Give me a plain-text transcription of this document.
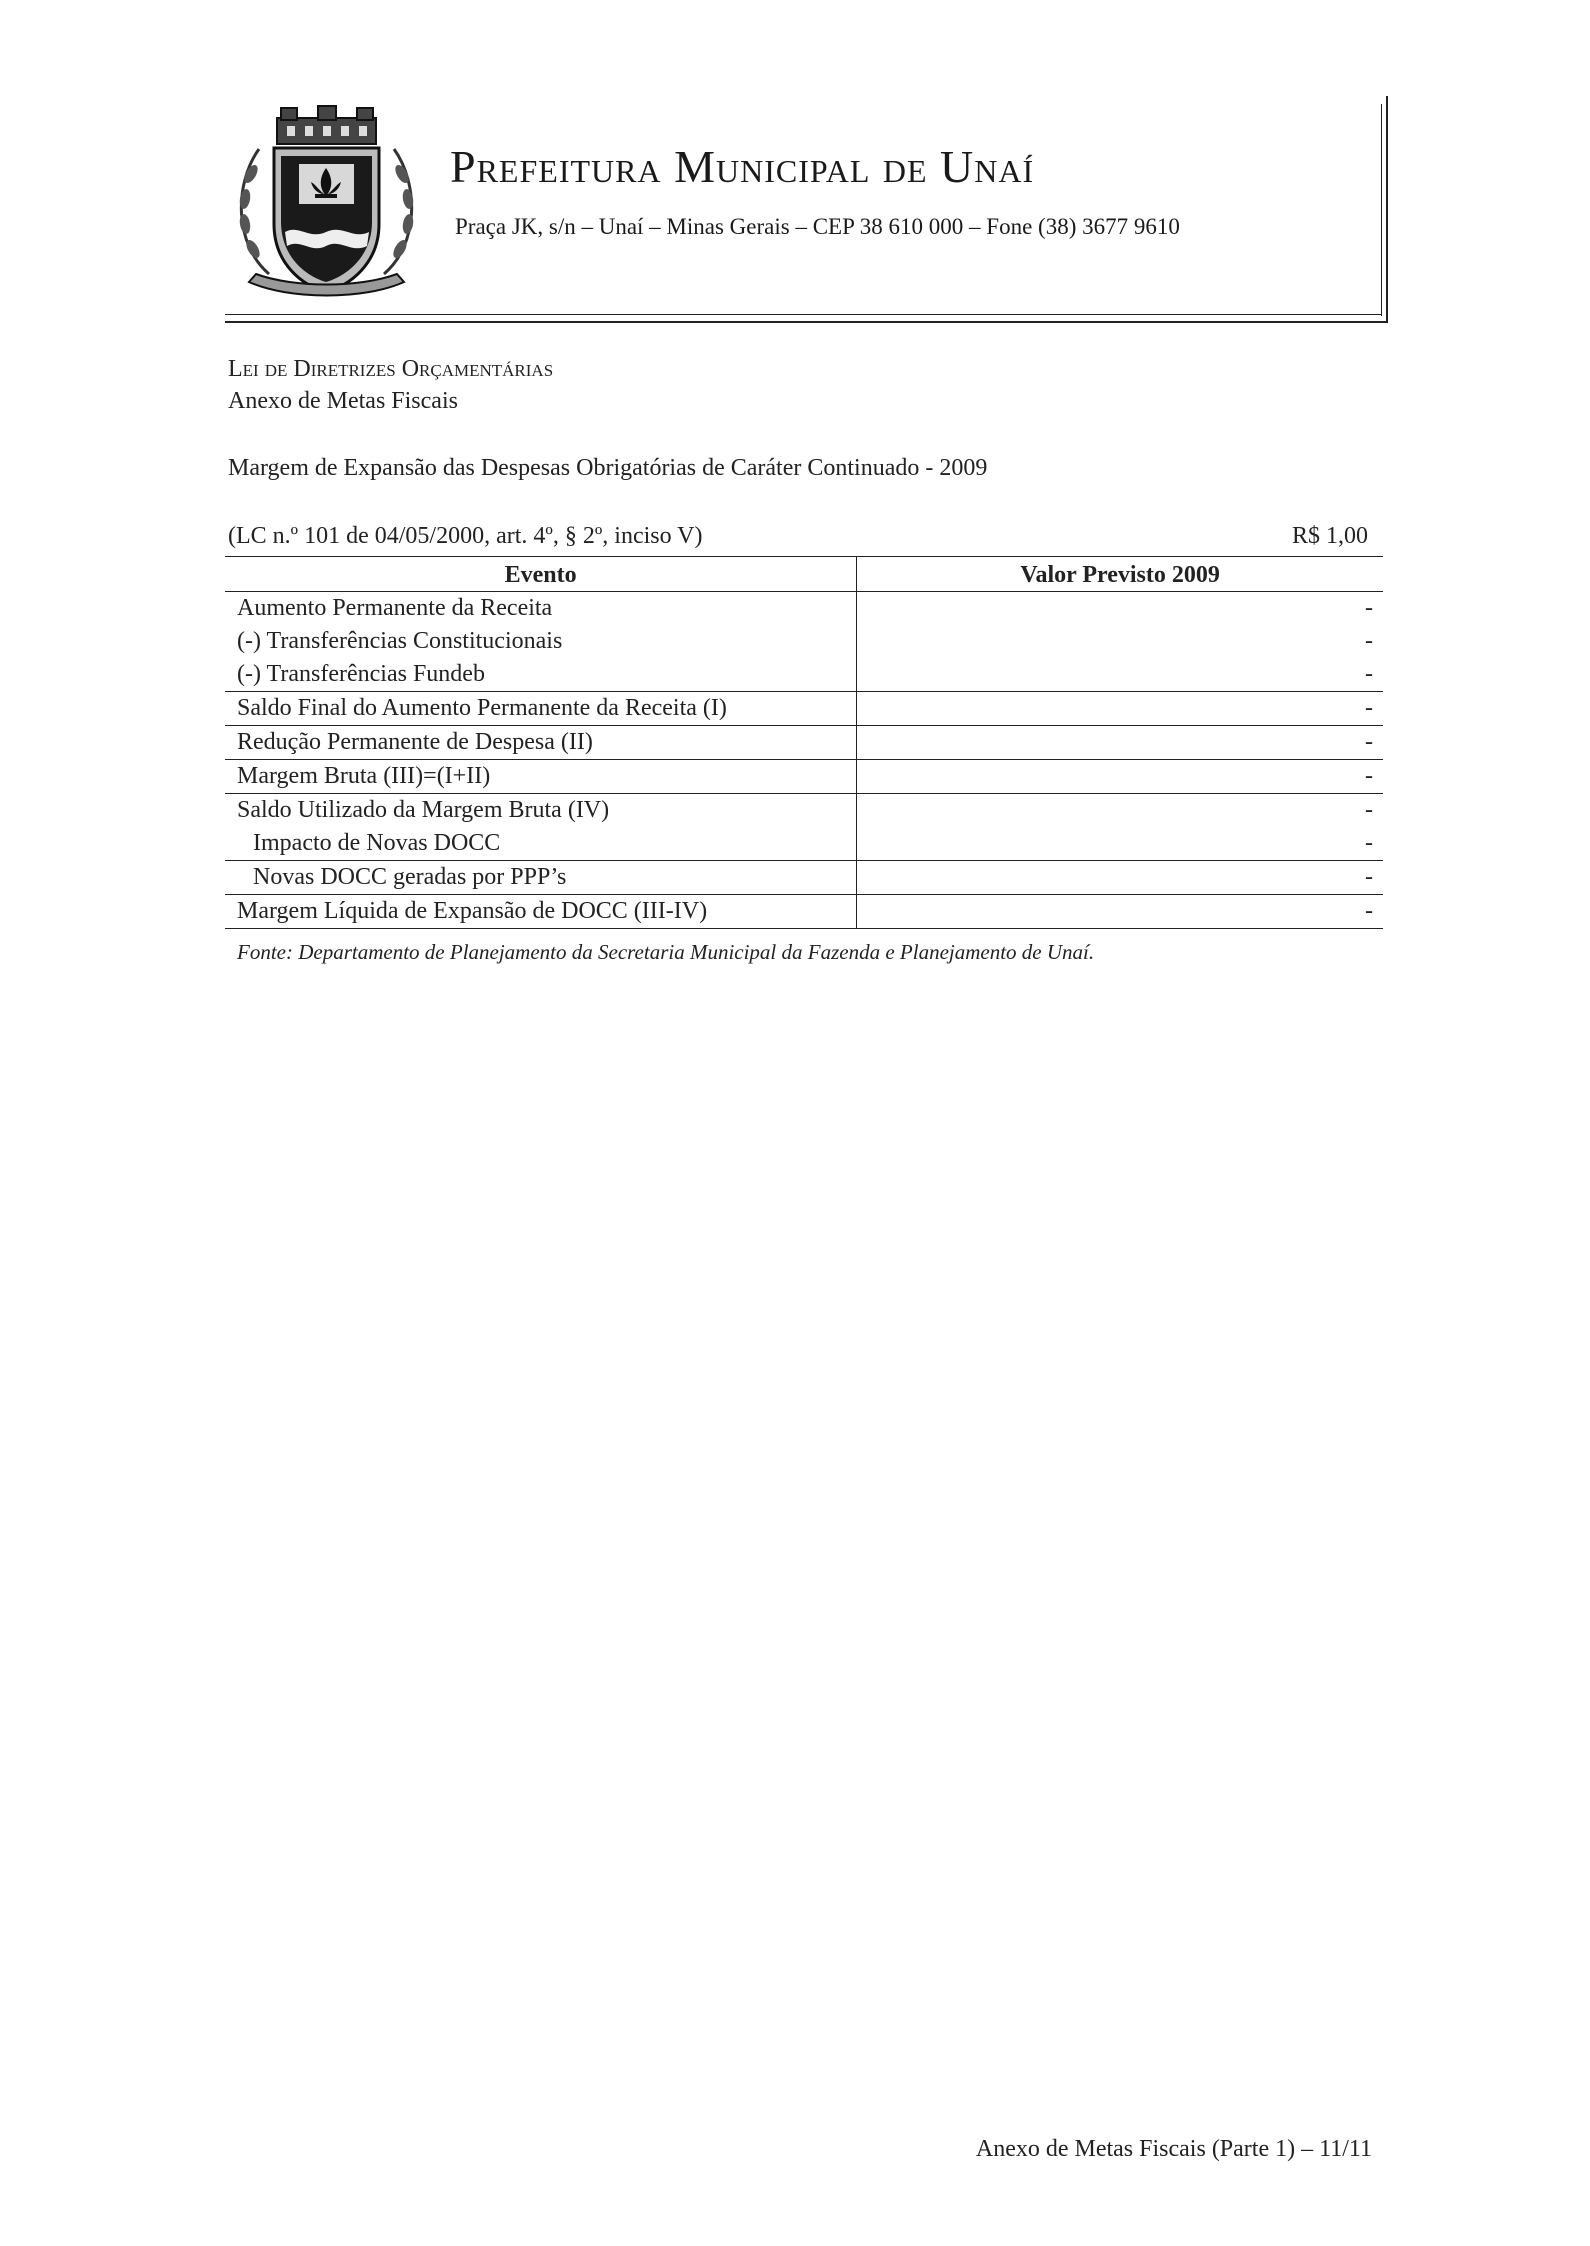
Prefeitura Municipal de Unaí
Praça JK, s/n – Unaí – Minas Gerais – CEP 38 610 000 – Fone (38) 3677 9610
Lei de Diretrizes Orçamentárias
Anexo de Metas Fiscais
Margem de Expansão das Despesas Obrigatórias de Caráter Continuado - 2009
(LC n.º 101 de 04/05/2000, art. 4º, § 2º, inciso V)	R$ 1,00
Evento	Valor Previsto 2009
Aumento Permanente da Receita	-
(-) Transferências Constitucionais	-
(-) Transferências Fundeb	-
Saldo Final do Aumento Permanente da Receita (I)	-
Redução Permanente de Despesa (II)	-
Margem Bruta (III)=(I+II)	-
Saldo Utilizado da Margem Bruta (IV)	-
Impacto de Novas DOCC	-
Novas DOCC geradas por PPP’s	-
Margem Líquida de Expansão de DOCC (III-IV)	-
Fonte: Departamento de Planejamento da Secretaria Municipal da Fazenda e Planejamento de Unaí.
Anexo de Metas Fiscais (Parte 1) – 11/11
